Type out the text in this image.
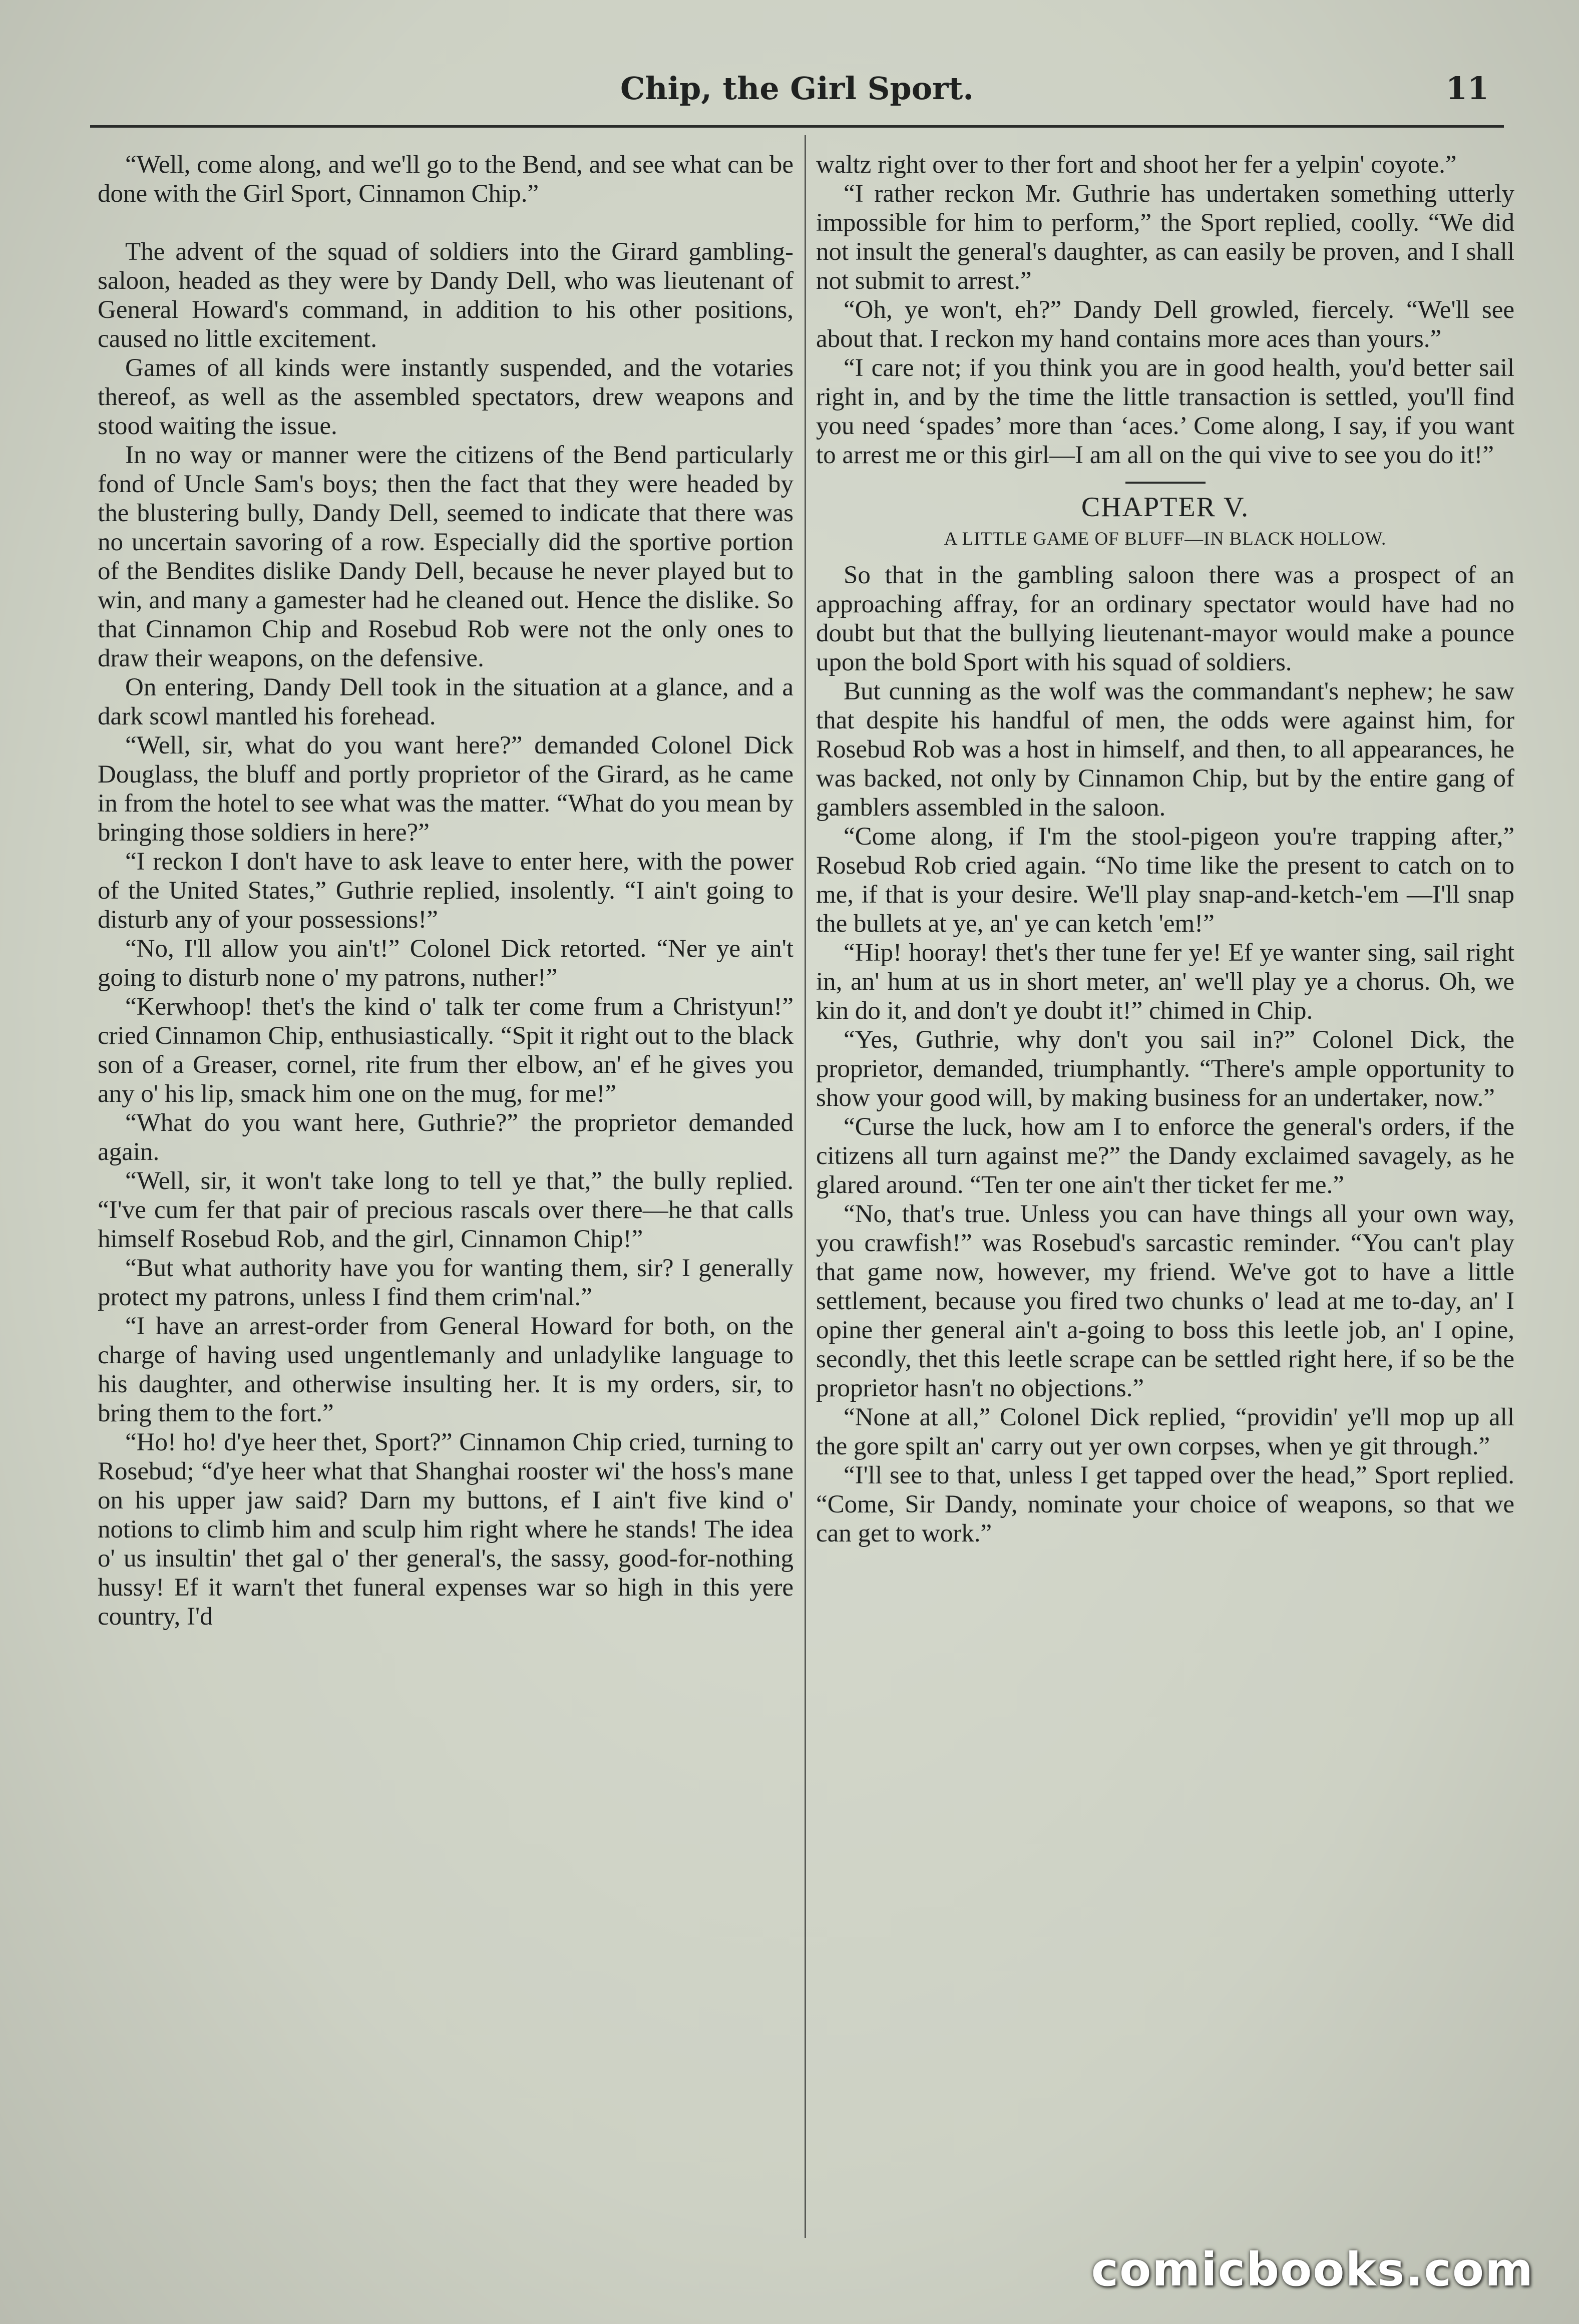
Chip, the Girl Sport.	11

“Well, come along, and we'll go to the Bend, and see what can be done with the Girl Sport, Cinnamon Chip.”

The advent of the squad of soldiers into the Girard gambling-saloon, headed as they were by Dandy Dell, who was lieutenant of General Howard's command, in addition to his other positions, caused no little excitement.

Games of all kinds were instantly suspended, and the votaries thereof, as well as the assembled spectators, drew weapons and stood waiting the issue.

In no way or manner were the citizens of the Bend particularly fond of Uncle Sam's boys; then the fact that they were headed by the blustering bully, Dandy Dell, seemed to indicate that there was no uncertain savoring of a row. Especially did the sportive portion of the Bendites dislike Dandy Dell, because he never played but to win, and many a gamester had he cleaned out. Hence the dislike. So that Cinnamon Chip and Rosebud Rob were not the only ones to draw their weapons, on the defensive.

On entering, Dandy Dell took in the situation at a glance, and a dark scowl mantled his forehead.

“Well, sir, what do you want here?” demanded Colonel Dick Douglass, the bluff and portly proprietor of the Girard, as he came in from the hotel to see what was the matter. “What do you mean by bringing those soldiers in here?”

“I reckon I don't have to ask leave to enter here, with the power of the United States,” Guthrie replied, insolently. “I ain't going to disturb any of your possessions!”

“No, I'll allow you ain't!” Colonel Dick retorted. “Ner ye ain't going to disturb none o' my patrons, nuther!”

“Kerwhoop! thet's the kind o' talk ter come frum a Christyun!” cried Cinnamon Chip, enthusiastically. “Spit it right out to the black son of a Greaser, cornel, rite frum ther elbow, an' ef he gives you any o' his lip, smack him one on the mug, for me!”

“What do you want here, Guthrie?” the proprietor demanded again.

“Well, sir, it won't take long to tell ye that,” the bully replied. “I've cum fer that pair of precious rascals over there—he that calls himself Rosebud Rob, and the girl, Cinnamon Chip!”

“But what authority have you for wanting them, sir? I generally protect my patrons, unless I find them crim'nal.”

“I have an arrest-order from General Howard for both, on the charge of having used ungentlemanly and unladylike language to his daughter, and otherwise insulting her. It is my orders, sir, to bring them to the fort.”

“Ho! ho! d'ye heer thet, Sport?” Cinnamon Chip cried, turning to Rosebud; “d'ye heer what that Shanghai rooster wi' the hoss's mane on his upper jaw said? Darn my buttons, ef I ain't five kind o' notions to climb him and sculp him right where he stands! The idea o' us insultin' thet gal o' ther general's, the sassy, good-for-nothing hussy! Ef it warn't thet funeral expenses war so high in this yere country, I'd

waltz right over to ther fort and shoot her fer a yelpin' coyote.”

“I rather reckon Mr. Guthrie has undertaken something utterly impossible for him to perform,” the Sport replied, coolly. “We did not insult the general's daughter, as can easily be proven, and I shall not submit to arrest.”

“Oh, ye won't, eh?” Dandy Dell growled, fiercely. “We'll see about that. I reckon my hand contains more aces than yours.”

“I care not; if you think you are in good health, you'd better sail right in, and by the time the little transaction is settled, you'll find you need ‘spades’ more than ‘aces.’ Come along, I say, if you want to arrest me or this girl—I am all on the qui vive to see you do it!”

CHAPTER V.
A LITTLE GAME OF BLUFF—IN BLACK HOLLOW.

So that in the gambling saloon there was a prospect of an approaching affray, for an ordinary spectator would have had no doubt but that the bullying lieutenant-mayor would make a pounce upon the bold Sport with his squad of soldiers.

But cunning as the wolf was the commandant's nephew; he saw that despite his handful of men, the odds were against him, for Rosebud Rob was a host in himself, and then, to all appearances, he was backed, not only by Cinnamon Chip, but by the entire gang of gamblers assembled in the saloon.

“Come along, if I'm the stool-pigeon you're trapping after,” Rosebud Rob cried again. “No time like the present to catch on to me, if that is your desire. We'll play snap-and-ketch-'em —I'll snap the bullets at ye, an' ye can ketch 'em!”

“Hip! hooray! thet's ther tune fer ye! Ef ye wanter sing, sail right in, an' hum at us in short meter, an' we'll play ye a chorus. Oh, we kin do it, and don't ye doubt it!” chimed in Chip.

“Yes, Guthrie, why don't you sail in?” Colonel Dick, the proprietor, demanded, triumphantly. “There's ample opportunity to show your good will, by making business for an undertaker, now.”

“Curse the luck, how am I to enforce the general's orders, if the citizens all turn against me?” the Dandy exclaimed savagely, as he glared around. “Ten ter one ain't ther ticket fer me.”

“No, that's true. Unless you can have things all your own way, you crawfish!” was Rosebud's sarcastic reminder. “You can't play that game now, however, my friend. We've got to have a little settlement, because you fired two chunks o' lead at me to-day, an' I opine ther general ain't a-going to boss this leetle job, an' I opine, secondly, thet this leetle scrape can be settled right here, if so be the proprietor hasn't no objections.”

“None at all,” Colonel Dick replied, “providin' ye'll mop up all the gore spilt an' carry out yer own corpses, when ye git through.”

“I'll see to that, unless I get tapped over the head,” Sport replied. “Come, Sir Dandy, nominate your choice of weapons, so that we can get to work.”

comicbooks.com
